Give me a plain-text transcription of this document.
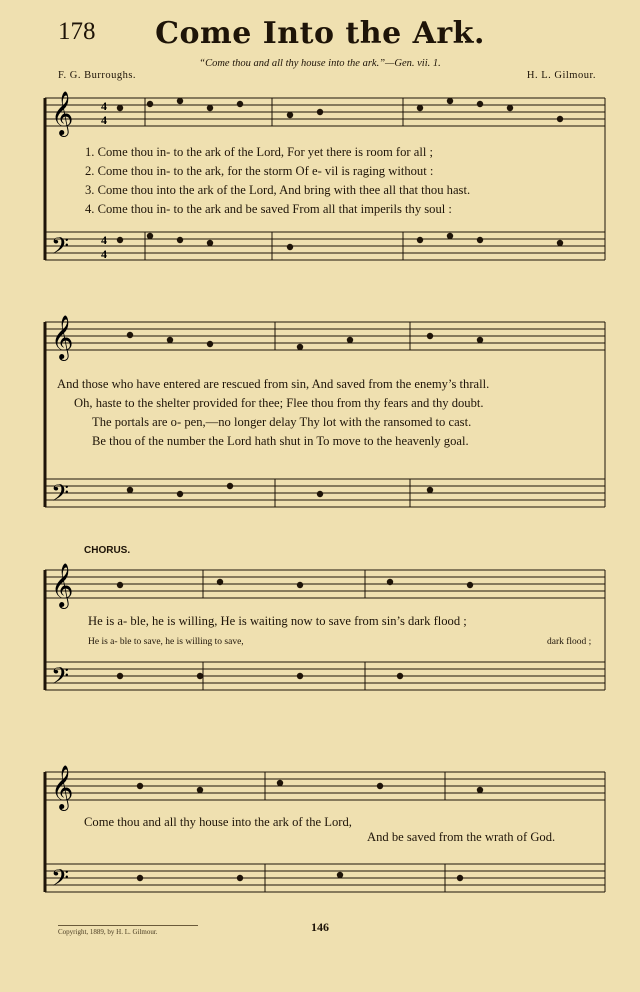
178	Come Into the Ark.
“Come thou and all thy house into the ark.”—Gen. vii. 1.
F. G. Burroughs.	H. L. Gilmour.
𝄞
𝄢
4
4
4
4
𝄞
𝄢
𝄞
𝄢
𝄞
𝄢
1. Come thou in- to the ark of the Lord, For yet there is room for all ;
2. Come thou in- to the ark, for the storm Of e- vil is raging without :
3. Come thou into the ark of the Lord, And bring with thee all that thou hast.
4. Come thou in- to the ark and be saved From all that imperils thy soul :
And those who have entered are rescued from sin, And saved from the enemy’s thrall.
Oh, haste to the shelter provided for thee; Flee thou from thy fears and thy doubt.
The portals are o- pen,—no longer delay Thy lot with the ransomed to cast.
Be thou of the number the Lord hath shut in To move to the heavenly goal.
CHORUS.
He is a- ble, he is willing, He is waiting now to save from sin’s dark flood ;
He is a- ble to save, he is willing to save,	dark flood ;
Come thou and all thy house into the ark of the Lord,
And be saved from the wrath of God.
Copyright, 1889, by H. L. Gilmour.	146
